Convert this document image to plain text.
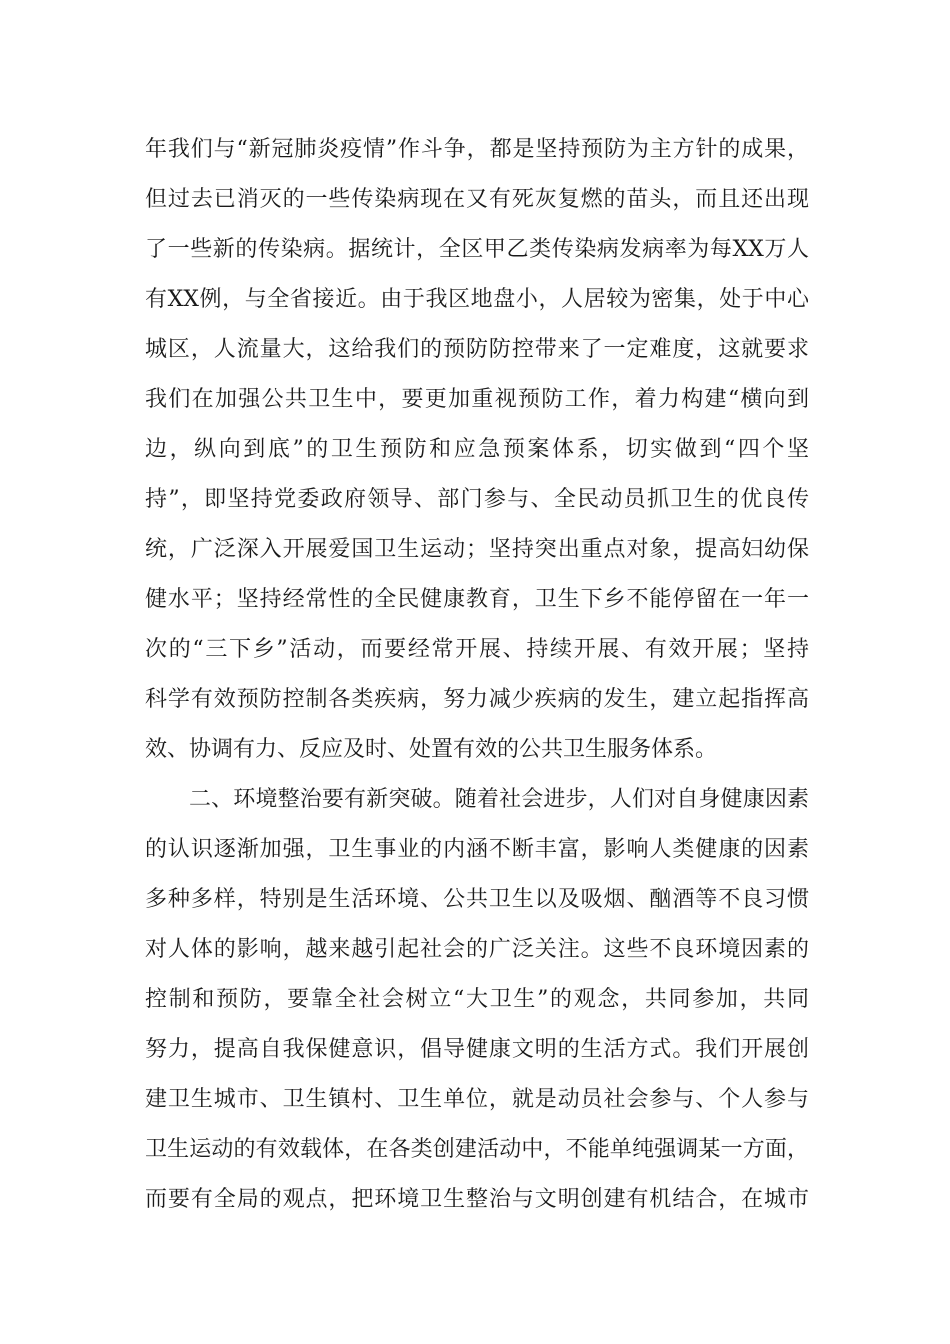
年我们与“新冠肺炎疫情”作斗争，都是坚持预防为主方针的成果，
但过去已消灭的一些传染病现在又有死灰复燃的苗头，而且还出现
了一些新的传染病。据统计，全区甲乙类传染病发病率为每XX万人
有XX例，与全省接近。由于我区地盘小，人居较为密集，处于中心
城区，人流量大，这给我们的预防防控带来了一定难度，这就要求
我们在加强公共卫生中，要更加重视预防工作，着力构建“横向到
边，纵向到底”的卫生预防和应急预案体系，切实做到“四个坚
持”，即坚持党委政府领导、部门参与、全民动员抓卫生的优良传
统，广泛深入开展爱国卫生运动；坚持突出重点对象，提高妇幼保
健水平；坚持经常性的全民健康教育，卫生下乡不能停留在一年一
次的“三下乡”活动，而要经常开展、持续开展、有效开展；坚持
科学有效预防控制各类疾病，努力减少疾病的发生，建立起指挥高
效、协调有力、反应及时、处置有效的公共卫生服务体系。
二、环境整治要有新突破。随着社会进步，人们对自身健康因素
的认识逐渐加强，卫生事业的内涵不断丰富，影响人类健康的因素
多种多样，特别是生活环境、公共卫生以及吸烟、酗酒等不良习惯
对人体的影响，越来越引起社会的广泛关注。这些不良环境因素的
控制和预防，要靠全社会树立“大卫生”的观念，共同参加，共同
努力，提高自我保健意识，倡导健康文明的生活方式。我们开展创
建卫生城市、卫生镇村、卫生单位，就是动员社会参与、个人参与
卫生运动的有效载体，在各类创建活动中，不能单纯强调某一方面，
而要有全局的观点，把环境卫生整治与文明创建有机结合，在城市
